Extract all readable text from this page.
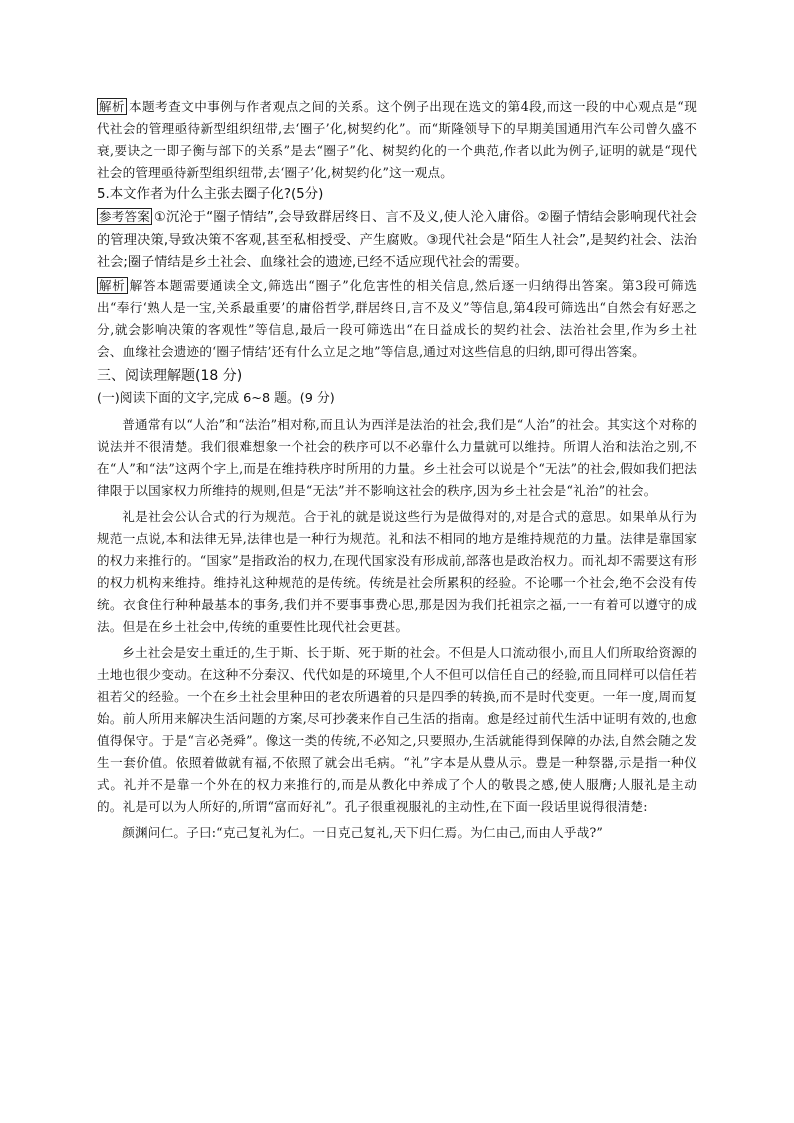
解析 本题考查文中事例与作者观点之间的关系。这个例子出现在选文的第4段,而这一段的中心观点是“现代社会的管理亟待新型组织纽带,去‘圈子’化,树契约化”。而“斯隆领导下的早期美国通用汽车公司曾久盛不衰,要诀之一即子衡与部下的关系”是去“圈子”化、树契约化的一个典范,作者以此为例子,证明的就是“现代社会的管理亟待新型组织纽带,去‘圈子’化,树契约化”这一观点。

5.本文作者为什么主张去圈子化?(5分)

参考答案 ①沉沦于“圈子情结”,会导致群居终日、言不及义,使人沦入庸俗。②圈子情结会影响现代社会的管理决策,导致决策不客观,甚至私相授受、产生腐败。③现代社会是“陌生人社会”,是契约社会、法治社会;圈子情结是乡土社会、血缘社会的遗迹,已经不适应现代社会的需要。

解析 解答本题需要通读全文,筛选出“圈子”化危害性的相关信息,然后逐一归纳得出答案。第3段可筛选出“奉行‘熟人是一宝,关系最重要’的庸俗哲学,群居终日,言不及义”等信息,第4段可筛选出“自然会有好恶之分,就会影响决策的客观性”等信息,最后一段可筛选出“在日益成长的契约社会、法治社会里,作为乡土社会、血缘社会遗迹的‘圈子情结’还有什么立足之地”等信息,通过对这些信息的归纳,即可得出答案。

三、阅读理解题(18 分)

(一)阅读下面的文字,完成 6~8 题。(9 分)

普通常有以“人治”和“法治”相对称,而且认为西洋是法治的社会,我们是“人治”的社会。其实这个对称的说法并不很清楚。我们很难想象一个社会的秩序可以不必靠什么力量就可以维持。所谓人治和法治之别,不在“人”和“法”这两个字上,而是在维持秩序时所用的力量。乡土社会可以说是个“无法”的社会,假如我们把法律限于以国家权力所维持的规则,但是“无法”并不影响这社会的秩序,因为乡土社会是“礼治”的社会。

礼是社会公认合式的行为规范。合于礼的就是说这些行为是做得对的,对是合式的意思。如果单从行为规范一点说,本和法律无异,法律也是一种行为规范。礼和法不相同的地方是维持规范的力量。法律是靠国家的权力来推行的。“国家”是指政治的权力,在现代国家没有形成前,部落也是政治权力。而礼却不需要这有形的权力机构来维持。维持礼这种规范的是传统。传统是社会所累积的经验。不论哪一个社会,绝不会没有传统。衣食住行种种最基本的事务,我们并不要事事费心思,那是因为我们托祖宗之福,一一有着可以遵守的成法。但是在乡土社会中,传统的重要性比现代社会更甚。

乡土社会是安土重迁的,生于斯、长于斯、死于斯的社会。不但是人口流动很小,而且人们所取给资源的土地也很少变动。在这种不分秦汉、代代如是的环境里,个人不但可以信任自己的经验,而且同样可以信任若祖若父的经验。一个在乡土社会里种田的老农所遇着的只是四季的转换,而不是时代变更。一年一度,周而复始。前人所用来解决生活问题的方案,尽可抄袭来作自己生活的指南。愈是经过前代生活中证明有效的,也愈值得保守。于是“言必尧舜”。像这一类的传统,不必知之,只要照办,生活就能得到保障的办法,自然会随之发生一套价值。依照着做就有福,不依照了就会出毛病。“礼”字本是从豊从示。豊是一种祭器,示是指一种仪式。礼并不是靠一个外在的权力来推行的,而是从教化中养成了个人的敬畏之感,使人服膺;人服礼是主动的。礼是可以为人所好的,所谓“富而好礼”。孔子很重视服礼的主动性,在下面一段话里说得很清楚:

颜渊问仁。子曰:“克己复礼为仁。一日克己复礼,天下归仁焉。为仁由己,而由人乎哉?”
